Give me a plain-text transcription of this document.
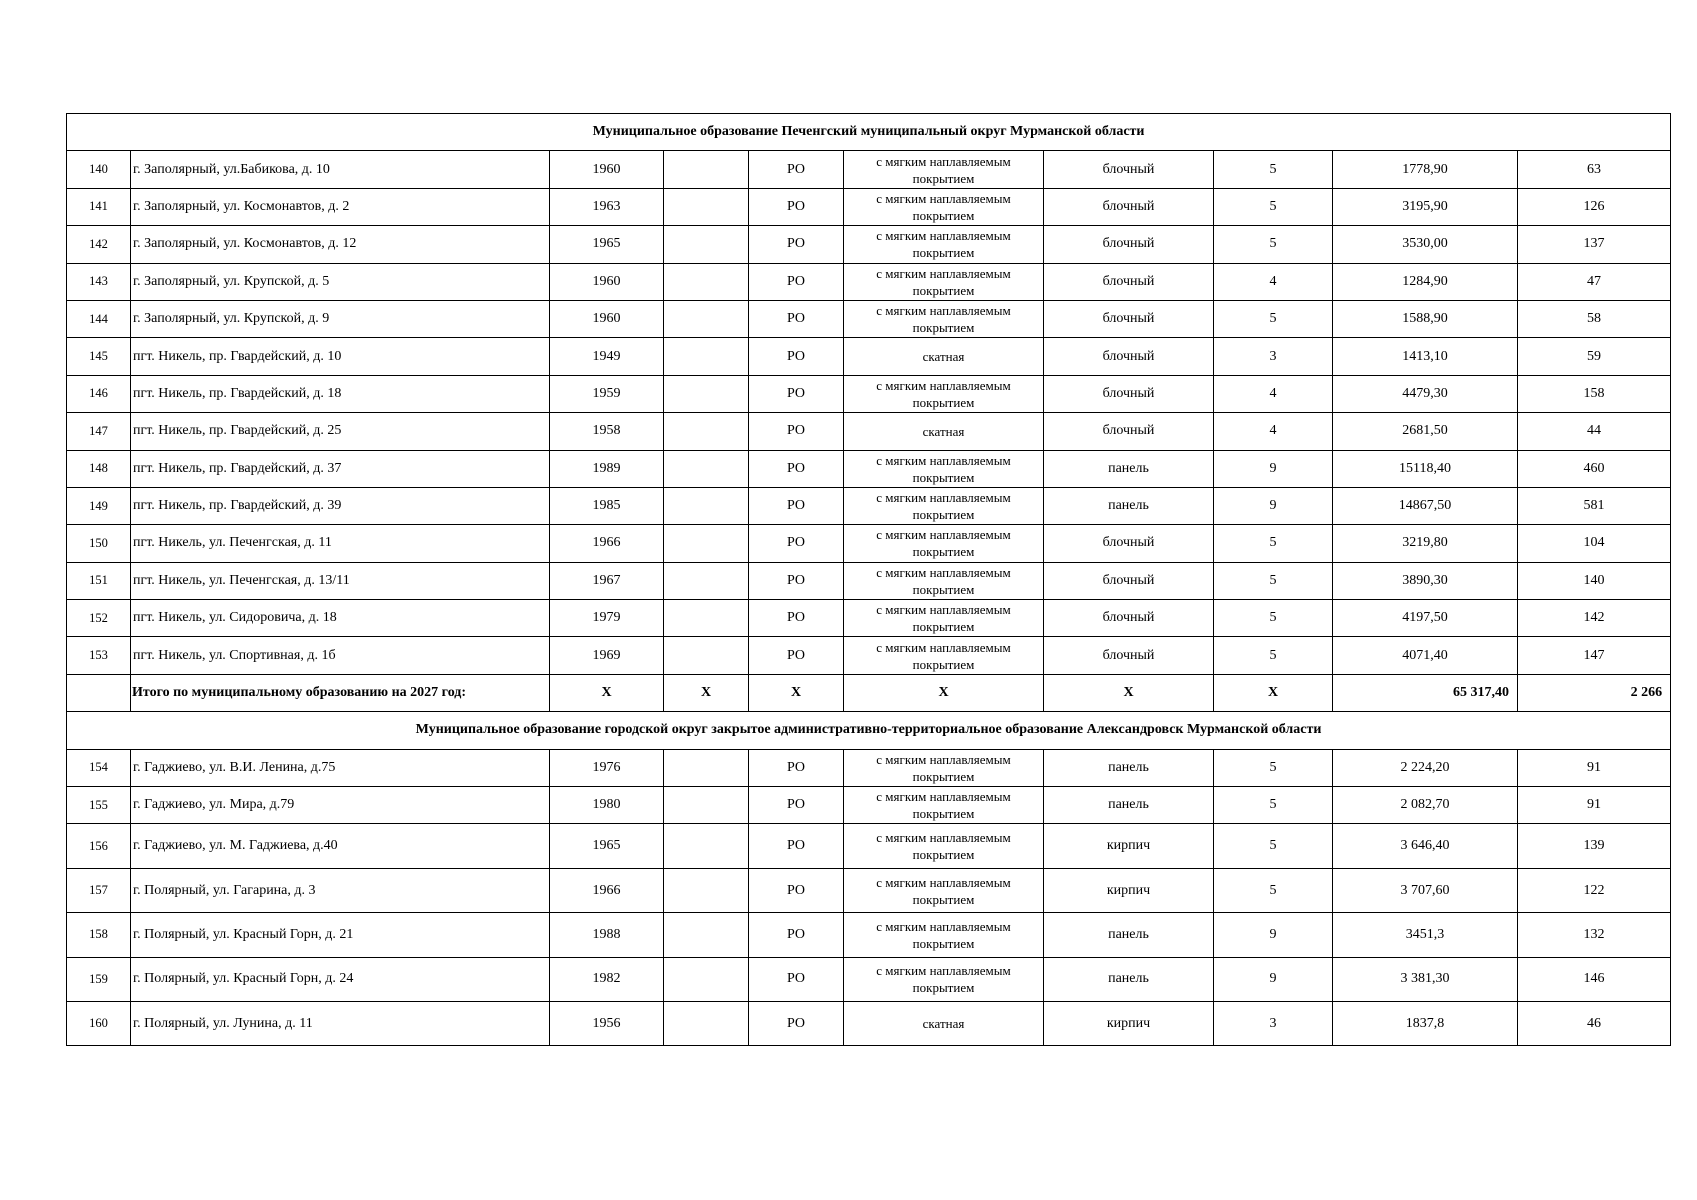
Муниципальное образование Печенгский муниципальный округ Мурманской области									
140	г. Заполярный, ул.Бабикова, д. 10	1960		РО	с мягким наплавляемым покрытием	блочный	5	1778,90	63
141	г. Заполярный, ул. Космонавтов, д. 2	1963		РО	с мягким наплавляемым покрытием	блочный	5	3195,90	126
142	г. Заполярный, ул. Космонавтов, д. 12	1965		РО	с мягким наплавляемым покрытием	блочный	5	3530,00	137
143	г. Заполярный, ул. Крупской, д. 5	1960		РО	с мягким наплавляемым покрытием	блочный	4	1284,90	47
144	г. Заполярный, ул. Крупской, д. 9	1960		РО	с мягким наплавляемым покрытием	блочный	5	1588,90	58
145	пгт. Никель, пр. Гвардейский, д. 10	1949		РО	скатная	блочный	3	1413,10	59
146	пгт. Никель, пр. Гвардейский, д. 18	1959		РО	с мягким наплавляемым покрытием	блочный	4	4479,30	158
147	пгт. Никель, пр. Гвардейский, д. 25	1958		РО	скатная	блочный	4	2681,50	44
148	пгт. Никель, пр. Гвардейский, д. 37	1989		РО	с мягким наплавляемым покрытием	панель	9	15118,40	460
149	пгт. Никель, пр. Гвардейский, д. 39	1985		РО	с мягким наплавляемым покрытием	панель	9	14867,50	581
150	пгт. Никель, ул. Печенгская, д. 11	1966		РО	с мягким наплавляемым покрытием	блочный	5	3219,80	104
151	пгт. Никель, ул. Печенгская, д. 13/11	1967		РО	с мягким наплавляемым покрытием	блочный	5	3890,30	140
152	пгт. Никель, ул. Сидоровича, д. 18	1979		РО	с мягким наплавляемым покрытием	блочный	5	4197,50	142
153	пгт. Никель, ул. Спортивная, д. 1б	1969		РО	с мягким наплавляемым покрытием	блочный	5	4071,40	147
	Итого по муниципальному образованию на 2027 год:	X	X	X	X	X	X	65 317,40	2 266
Муниципальное образование городской округ закрытое административно-территориальное образование Александровск Мурманской области									
154	г. Гаджиево, ул. В.И. Ленина, д.75	1976		РО	с мягким наплавляемым покрытием	панель	5	2 224,20	91
155	г. Гаджиево, ул. Мира, д.79	1980		РО	с мягким наплавляемым покрытием	панель	5	2 082,70	91
156	г. Гаджиево, ул. М. Гаджиева, д.40	1965		РО	с мягким наплавляемым покрытием	кирпич	5	3 646,40	139
157	г. Полярный, ул. Гагарина, д. 3	1966		РО	с мягким наплавляемым покрытием	кирпич	5	3 707,60	122
158	г. Полярный, ул. Красный Горн, д. 21	1988		РО	с мягким наплавляемым покрытием	панель	9	3451,3	132
159	г. Полярный, ул. Красный Горн, д. 24	1982		РО	с мягким наплавляемым покрытием	панель	9	3 381,30	146
160	г. Полярный, ул. Лунина, д. 11	1956		РО	скатная	кирпич	3	1837,8	46
